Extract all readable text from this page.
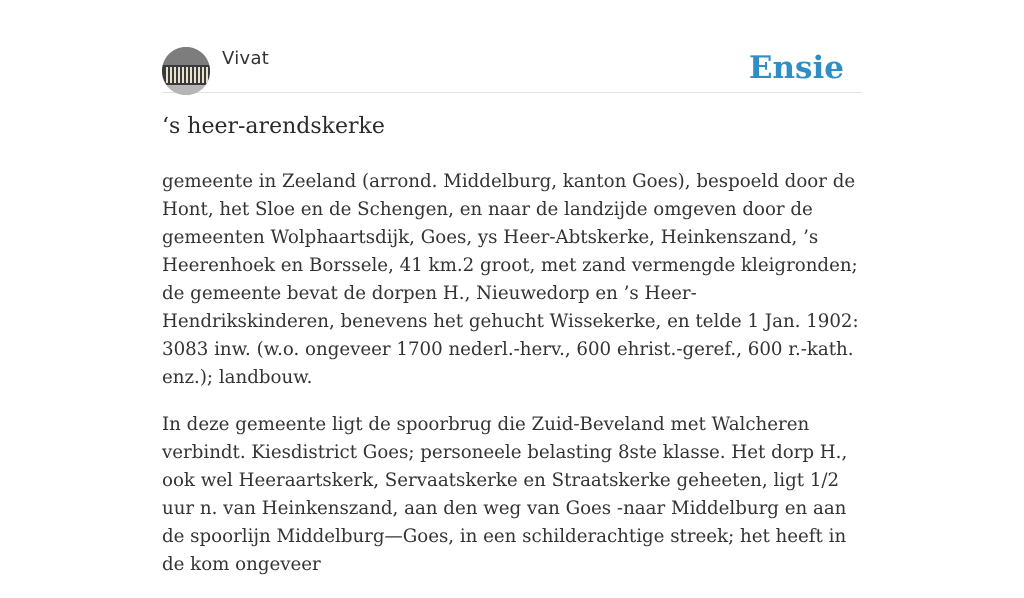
Vivat	Ensie
‘s heer-arendskerke

gemeente in Zeeland (arrond. Middelburg, kanton Goes), bespoeld door de Hont, het Sloe en de Schengen, en naar de landzijde omgeven door de gemeenten Wolphaartsdijk, Goes, ys Heer-Abtskerke, Heinkenszand, ’s Heerenhoek en Borssele, 41 km.2 groot, met zand vermengde kleigronden; de gemeente bevat de dorpen H., Nieuwedorp en ’s Heer-Hendrikskinderen, benevens het gehucht Wissekerke, en telde 1 Jan. 1902: 3083 inw. (w.o. ongeveer 1700 nederl.-herv., 600 ehrist.-geref., 600 r.-kath. enz.); landbouw.

In deze gemeente ligt de spoorbrug die Zuid-Beveland met Walcheren verbindt. Kiesdistrict Goes; personeele belasting 8ste klasse. Het dorp H., ook wel Heeraartskerk, Servaatskerke en Straatskerke geheeten, ligt 1/2 uur n. van Heinkenszand, aan den weg van Goes -naar Middelburg en aan de spoorlijn Middelburg—Goes, in een schilderachtige streek; het heeft in de kom ongeveer
